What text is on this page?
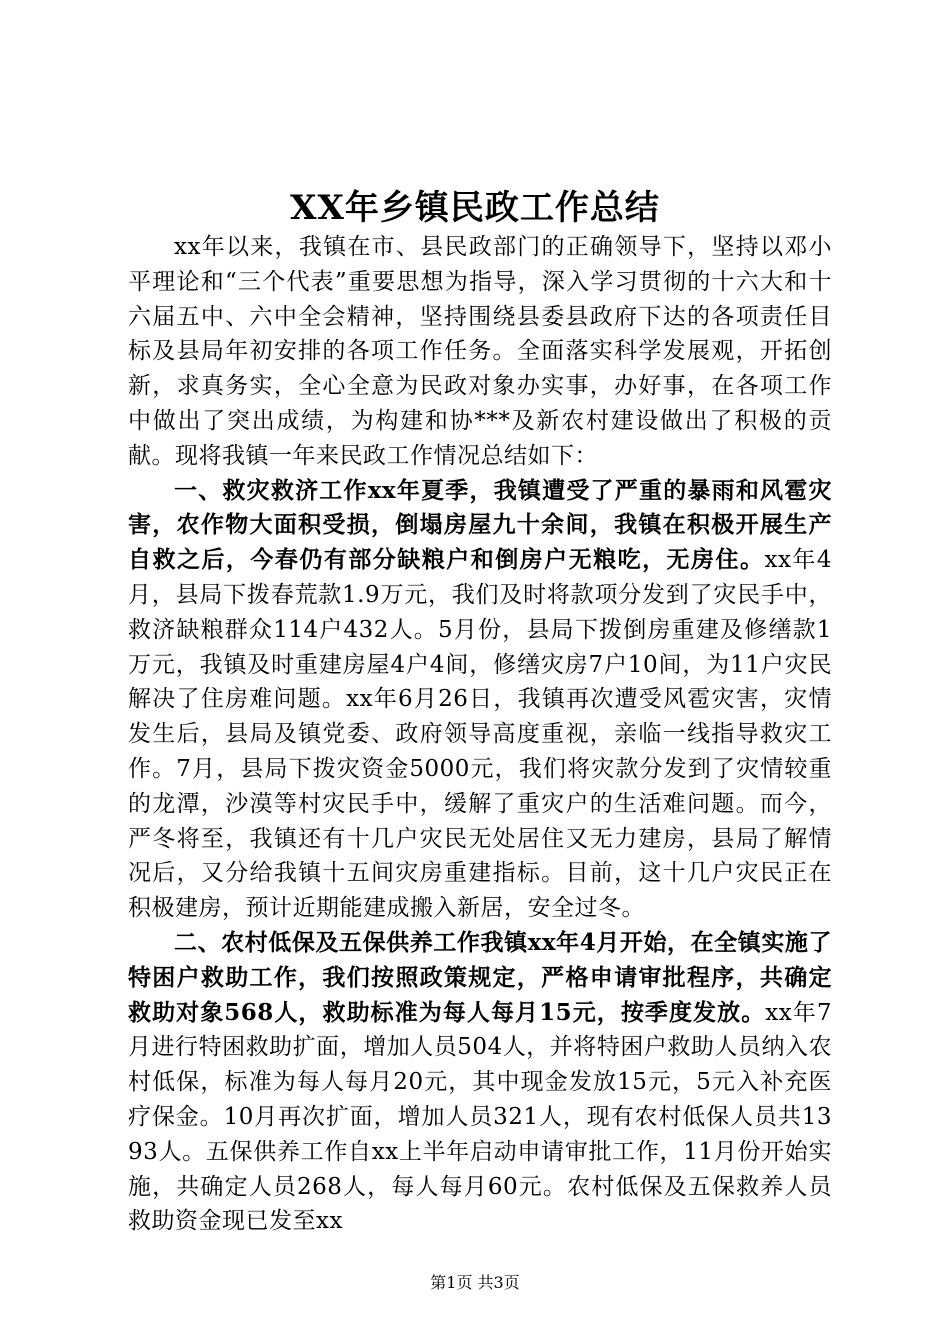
XX年乡镇民政工作总结

xx年以来，我镇在市、县民政部门的正确领导下，坚持以邓小平理论和“三个代表”重要思想为指导，深入学习贯彻的十六大和十六届五中、六中全会精神，坚持围绕县委县政府下达的各项责任目标及县局年初安排的各项工作任务。全面落实科学发展观，开拓创新，求真务实，全心全意为民政对象办实事，办好事，在各项工作中做出了突出成绩，为构建和协***及新农村建设做出了积极的贡献。现将我镇一年来民政工作情况总结如下：

一、救灾救济工作xx年夏季，我镇遭受了严重的暴雨和风雹灾害，农作物大面积受损，倒塌房屋九十余间，我镇在积极开展生产自救之后，今春仍有部分缺粮户和倒房户无粮吃，无房住。xx年4月，县局下拨春荒款1.9万元，我们及时将款项分发到了灾民手中，救济缺粮群众114户432人。5月份，县局下拨倒房重建及修缮款1万元，我镇及时重建房屋4户4间，修缮灾房7户10间，为11户灾民解决了住房难问题。xx年6月26日，我镇再次遭受风雹灾害，灾情发生后，县局及镇党委、政府领导高度重视，亲临一线指导救灾工作。7月，县局下拨灾资金5000元，我们将灾款分发到了灾情较重的龙潭，沙漠等村灾民手中，缓解了重灾户的生活难问题。而今，严冬将至，我镇还有十几户灾民无处居住又无力建房，县局了解情况后，又分给我镇十五间灾房重建指标。目前，这十几户灾民正在积极建房，预计近期能建成搬入新居，安全过冬。

二、农村低保及五保供养工作我镇xx年4月开始，在全镇实施了特困户救助工作，我们按照政策规定，严格申请审批程序，共确定救助对象568人，救助标准为每人每月15元，按季度发放。xx年7月进行特困救助扩面，增加人员504人，并将特困户救助人员纳入农村低保，标准为每人每月20元，其中现金发放15元，5元入补充医疗保金。10月再次扩面，增加人员321人，现有农村低保人员共1393人。五保供养工作自xx上半年启动申请审批工作，11月份开始实施，共确定人员268人，每人每月60元。农村低保及五保救养人员救助资金现已发至xx

第1页 共3页
